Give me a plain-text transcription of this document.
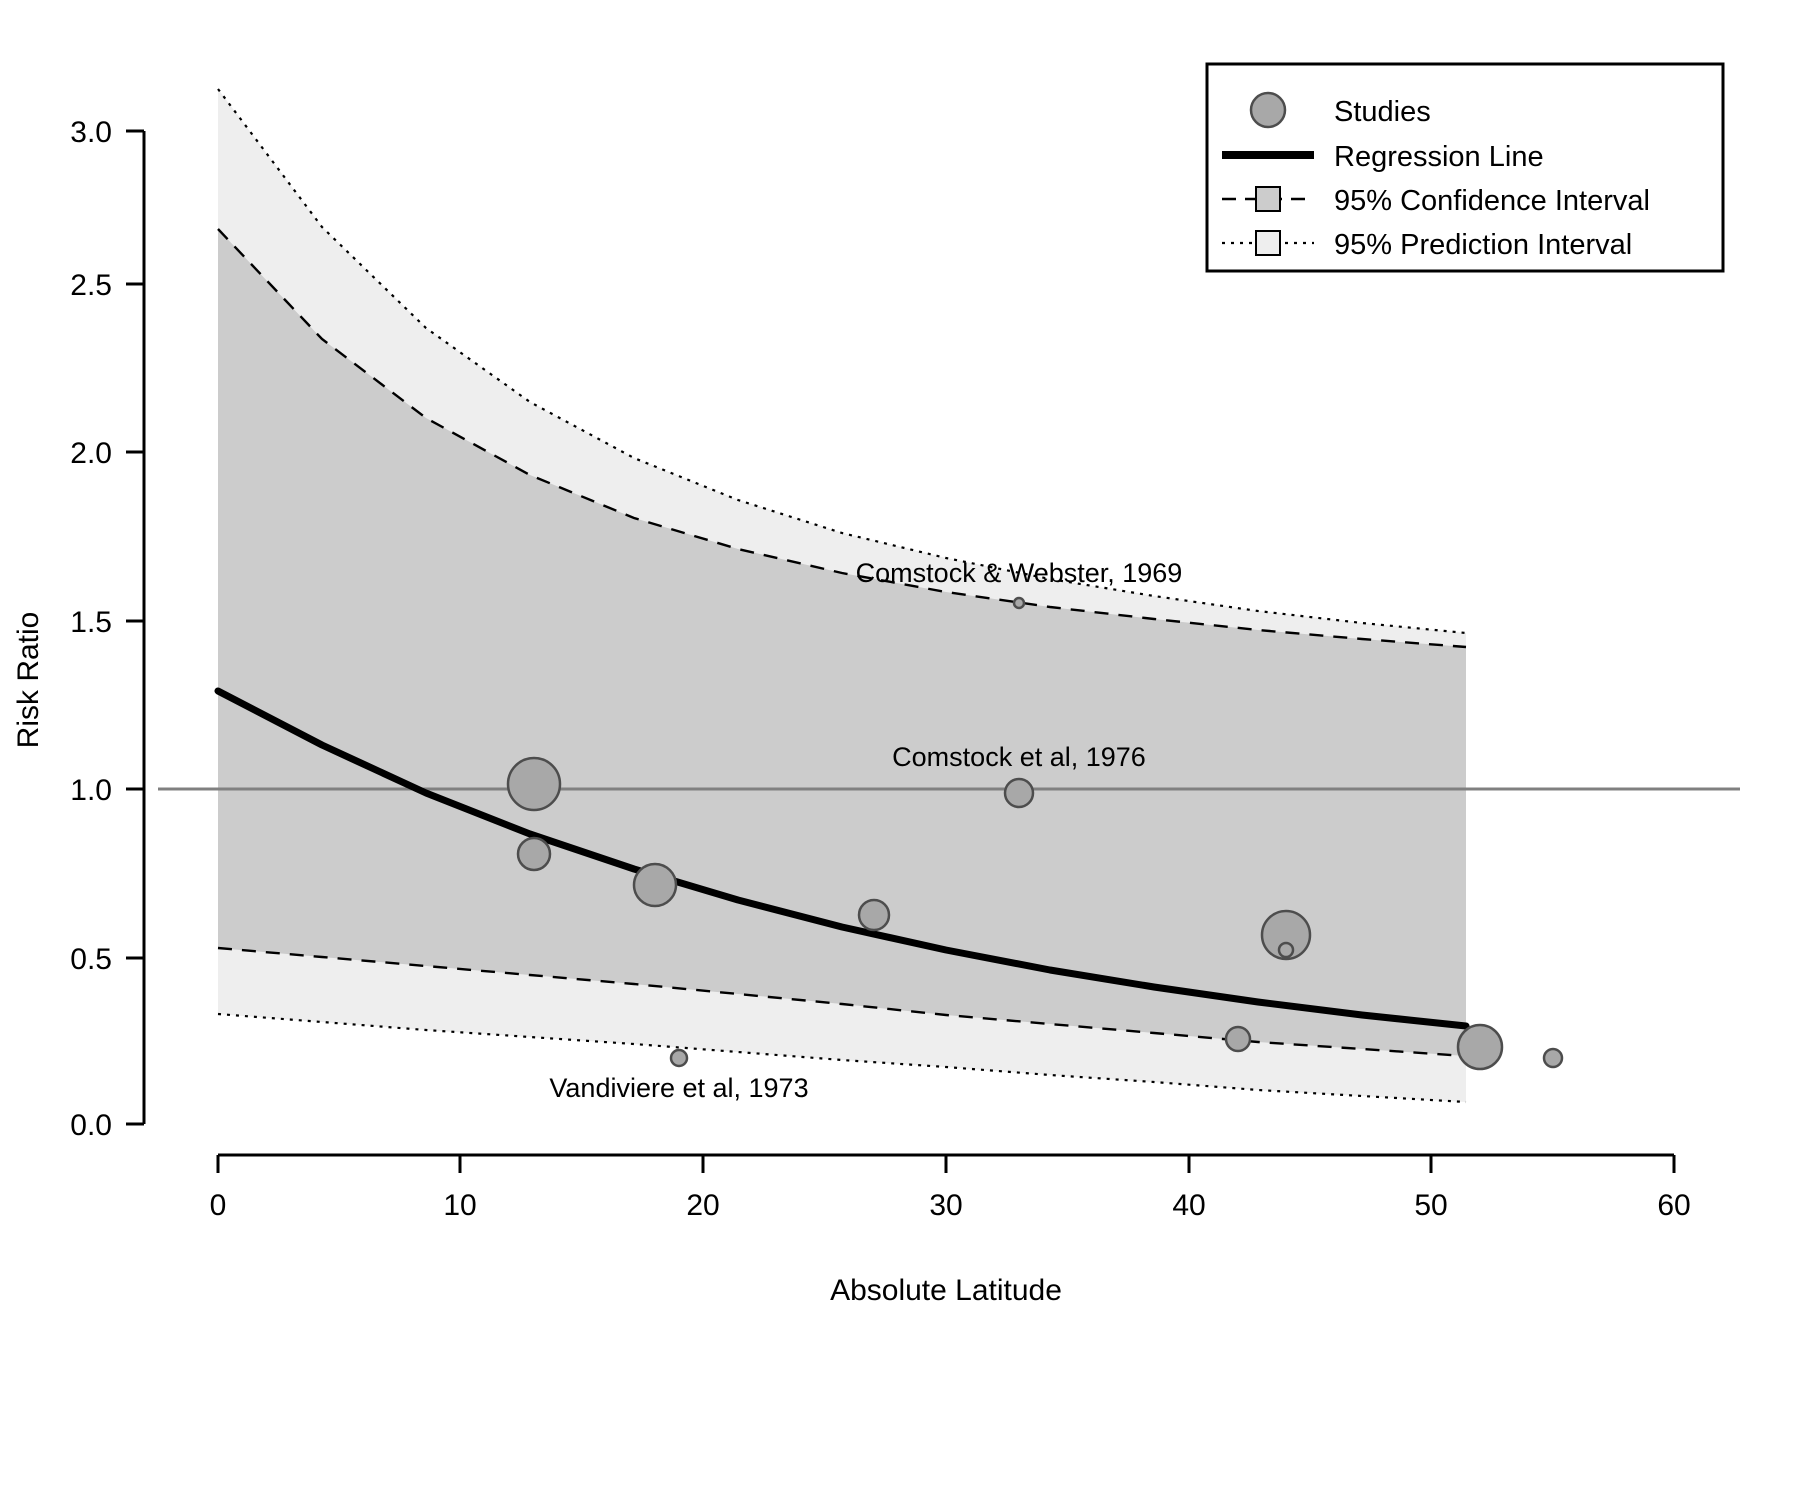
0.0
0.5
1.0
1.5
2.0
2.5
3.0
0	10	20	30	40	50	60
Absolute Latitude
Risk Ratio
Comstock & Webster, 1969
Comstock et al, 1976
Vandiviere et al, 1973
Studies
Regression Line
95% Confidence Interval
95% Prediction Interval
